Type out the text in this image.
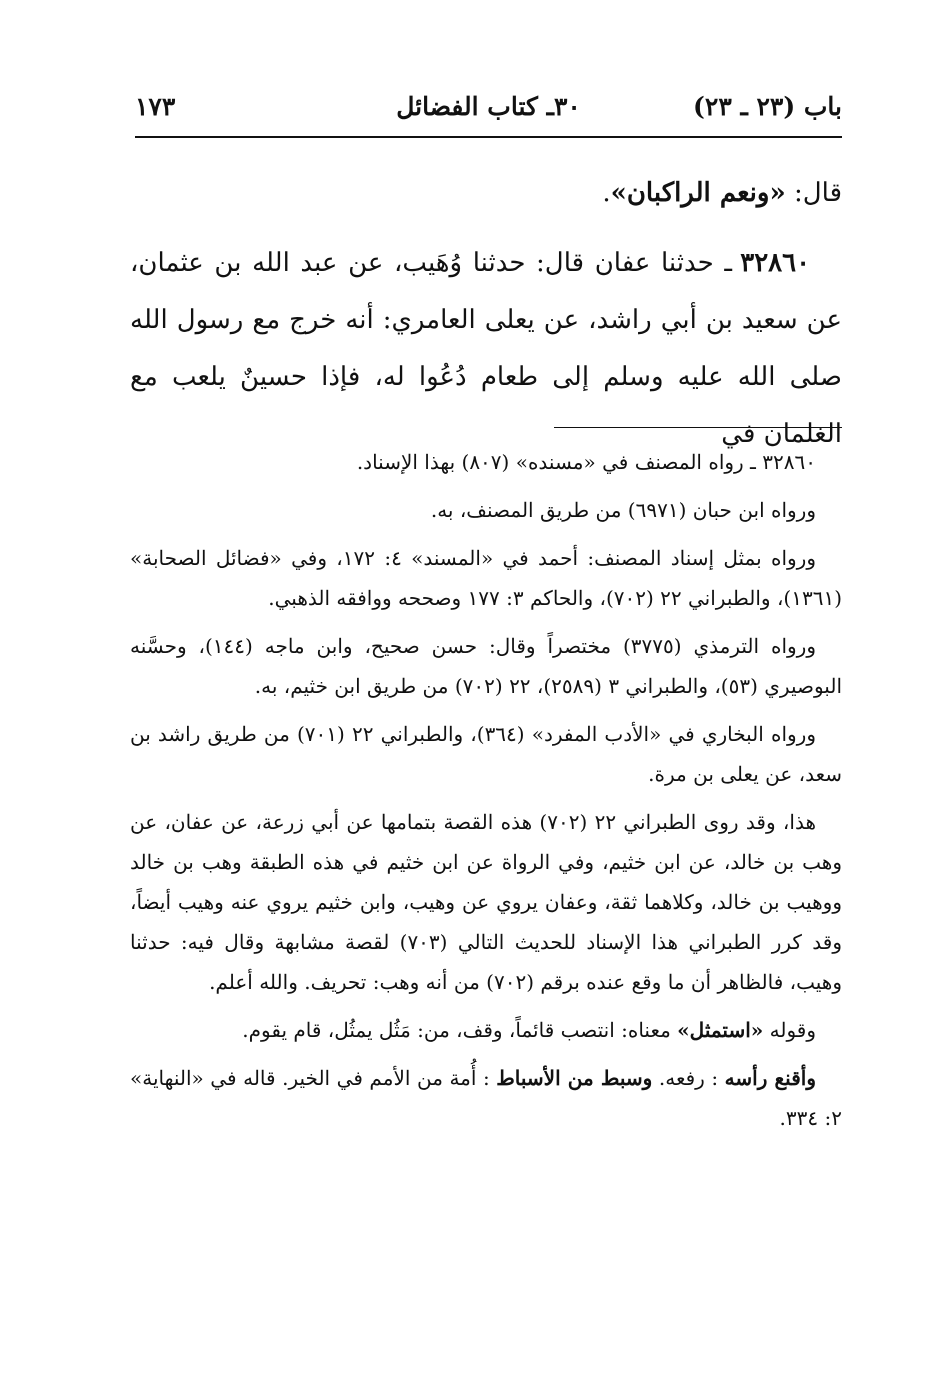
باب (٢٣ ـ ٢٣)
٣٠ـ كتاب الفضائل
١٧٣

قال: «ونعم الراكبان».

٣٢٨٦٠ ـ حدثنا عفان قال: حدثنا وُهَيب، عن عبد الله بن عثمان، عن سعيد بن أبي راشد، عن يعلى العامري: أنه خرج مع رسول الله صلى الله عليه وسلم إلى طعام دُعُوا له، فإذا حسينٌ يلعب مع الغلمان في

٣٢٨٦٠ ـ رواه المصنف في «مسنده» (٨٠٧) بهذا الإسناد.

ورواه ابن حبان (٦٩٧١) من طريق المصنف، به.

ورواه بمثل إسناد المصنف: أحمد في «المسند» ٤: ١٧٢، وفي «فضائل الصحابة» (١٣٦١)، والطبراني ٢٢ (٧٠٢)، والحاكم ٣: ١٧٧ وصححه ووافقه الذهبي.

ورواه الترمذي (٣٧٧٥) مختصراً وقال: حسن صحيح، وابن ماجه (١٤٤)، وحسَّنه البوصيري (٥٣)، والطبراني ٣ (٢٥٨٩)، ٢٢ (٧٠٢) من طريق ابن خثيم، به.

ورواه البخاري في «الأدب المفرد» (٣٦٤)، والطبراني ٢٢ (٧٠١) من طريق راشد بن سعد، عن يعلى بن مرة.

هذا، وقد روى الطبراني ٢٢ (٧٠٢) هذه القصة بتمامها عن أبي زرعة، عن عفان، عن وهب بن خالد، عن ابن خثيم، وفي الرواة عن ابن خثيم في هذه الطبقة وهب بن خالد ووهيب بن خالد، وكلاهما ثقة، وعفان يروي عن وهيب، وابن خثيم يروي عنه وهيب أيضاً، وقد كرر الطبراني هذا الإسناد للحديث التالي (٧٠٣) لقصة مشابهة وقال فيه: حدثنا وهيب، فالظاهر أن ما وقع عنده برقم (٧٠٢) من أنه وهب: تحريف. والله أعلم.

وقوله «استمثل» معناه: انتصب قائماً، وقف، من: مَثُل يمثُل، قام يقوم.

وأقنع رأسه : رفعه. وسبط من الأسباط : أُمة من الأمم في الخير. قاله في «النهاية» ٢: ٣٣٤.
